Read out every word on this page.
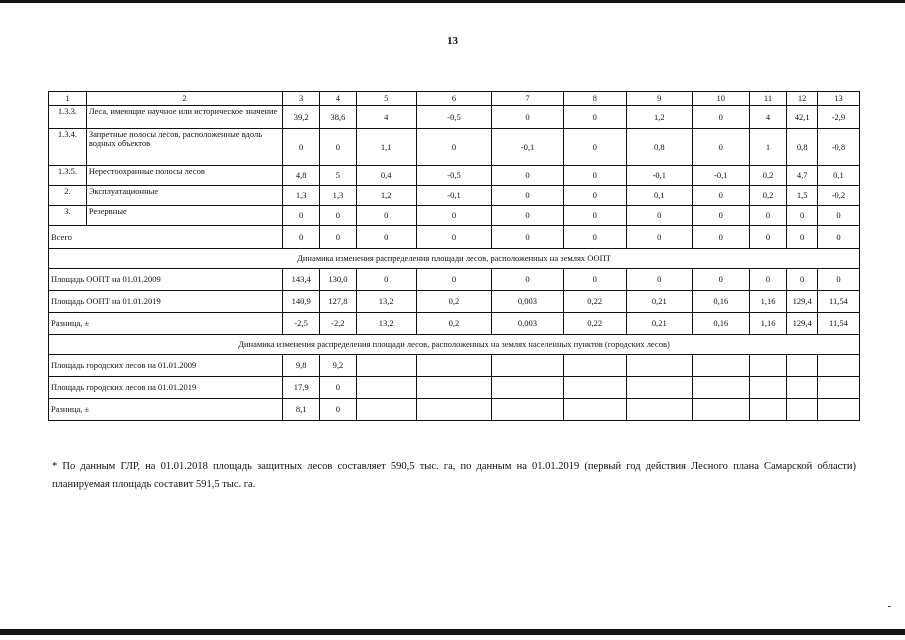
13
1	2	3	4	5	6	7	8	9	10	11	12	13
1.3.3.	Леса, имеющие научное или историческое значение	39,2	38,6	4	-0,5	0	0	1,2	0	4	42,1	-2,9
1.3.4.	Запретные полосы лесов, расположенные вдоль водных объектов	0	0	1,1	0	-0,1	0	0,8	0	1	0,8	-0,8
1.3.5.	Нерестоохранные полосы лесов	4,8	5	0,4	-0,5	0	0	-0,1	-0,1	0,2	4,7	0,1
2.	Эксплуатационные	1,3	1,3	1,2	-0,1	0	0	0,1	0	0,2	1,5	-0,2
3.	Резервные	0	0	0	0	0	0	0	0	0	0	0
Всего		0	0	0	0	0	0	0	0	0	0	0
Динамика изменения распределения площади лесов, расположенных на землях ООПТ												
Площадь ООПТ на 01.01.2009		143,4	130,0	0	0	0	0	0	0	0	0	0
Площадь ООПТ на 01.01.2019		140,9	127,8	13,2	0,2	0,003	0,22	0,21	0,16	1,16	129,4	11,54
Разница, ±		-2,5	-2,2	13,2	0,2	0,003	0,22	0,21	0,16	1,16	129,4	11,54
Динамика изменения распределения площади лесов, расположенных на землях населенных пунктов (городских лесов)												
Площадь городских лесов на 01.01.2009		9,8	9,2									
Площадь городских лесов на 01.01.2019		17,9	0									
Разница, ±		8,1	0									
* По данным ГЛР, на 01.01.2018 площадь защитных лесов составляет 590,5 тыс. га, по данным на 01.01.2019 (первый год действия Лесного плана Самарской области) планируемая площадь составит 591,5 тыс. га.
